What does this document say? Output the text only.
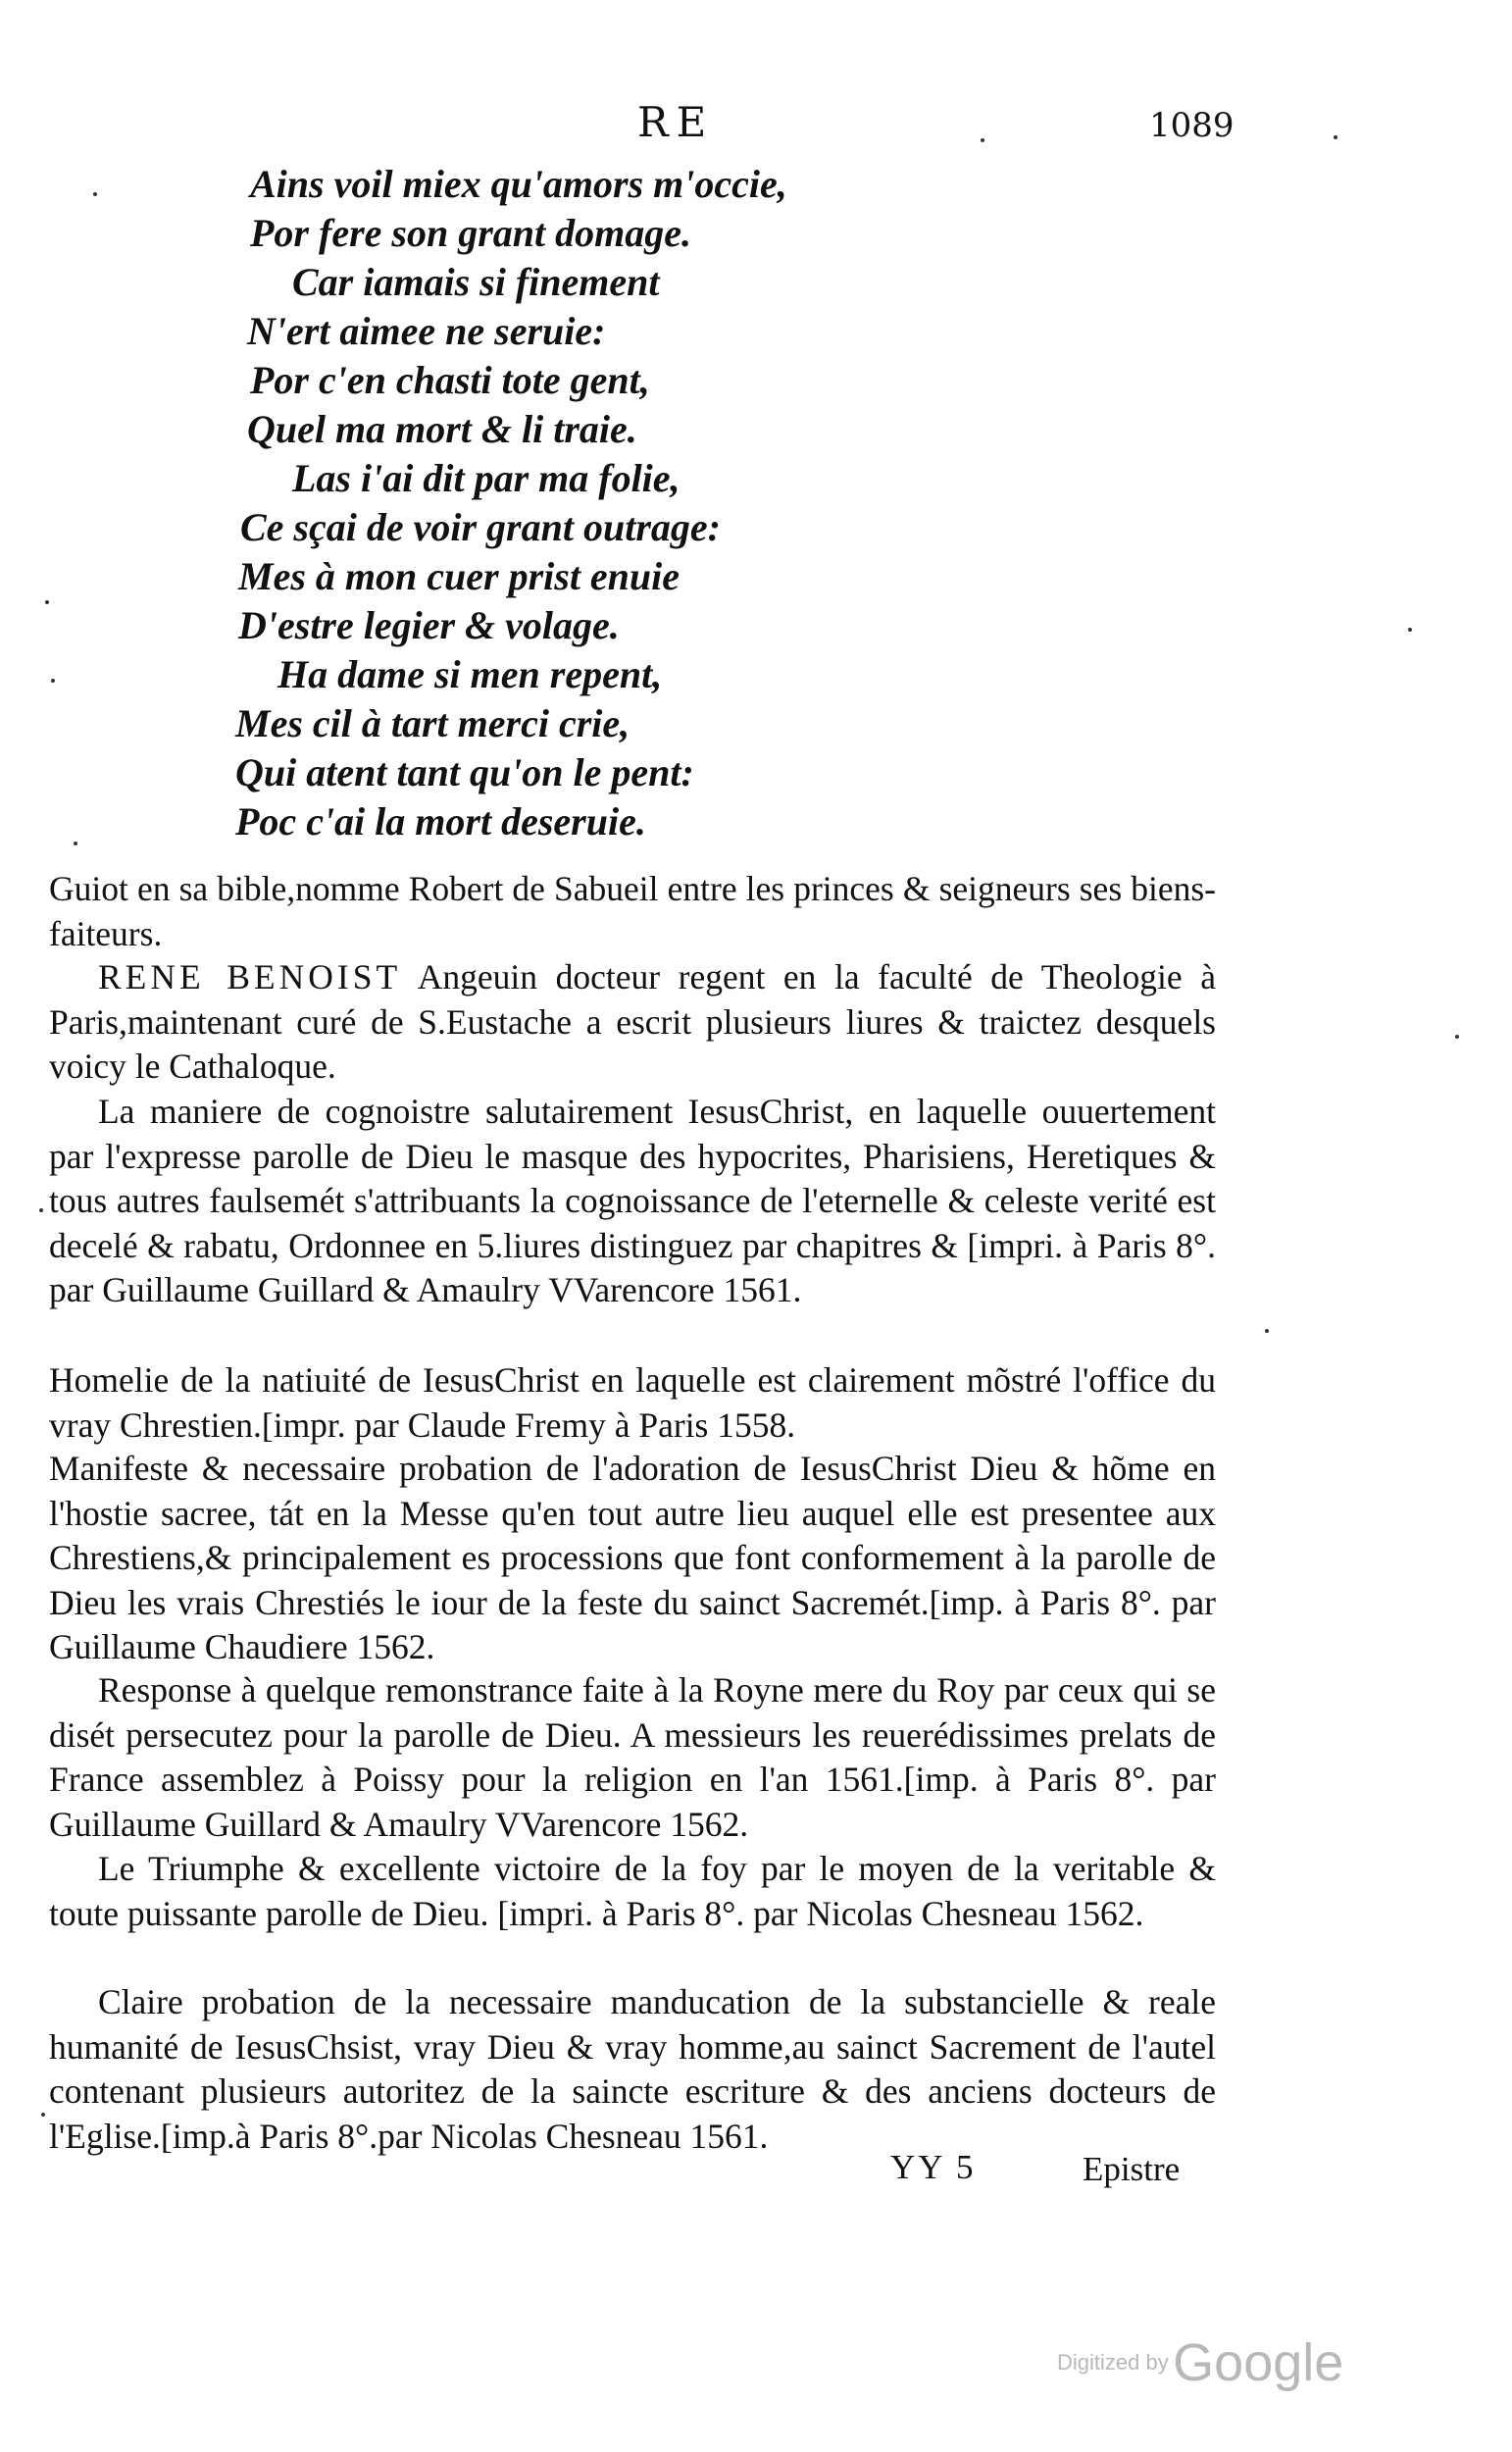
RE	1089
Ains voil miex qu'amors m'occie,
Por fere son grant domage.
Car iamais si finement
N'ert aimee ne seruie:
Por c'en chasti tote gent,
Quel ma mort & li traie.
Las i'ai dit par ma folie,
Ce sçai de voir grant outrage:
Mes à mon cuer prist enuie
D'estre legier & volage.
Ha dame si men repent,
Mes cil à tart merci crie,
Qui atent tant qu'on le pent:
Poc c'ai la mort deseruie.
Guiot en sa bible,nomme Robert de Sabueil entre les princes & seigneurs ses biens-faiteurs.
RENE BENOIST Angeuin docteur regent en la faculté de Theologie à Paris,maintenant curé de S.Eustache a escrit plusieurs liures & traictez desquels voicy le Cathaloque.
La maniere de cognoistre salutairement IesusChrist, en laquelle ouuertement par l'expresse parolle de Dieu le masque des hypocrites, Pharisiens, Heretiques & tous autres faulsemét s'attribuants la cognoissance de l'eternelle & celeste verité est decelé & rabatu, Ordonnee en 5.liures distinguez par chapitres & [impri. à Paris 8°. par Guillaume Guillard & Amaulry VVarencore 1561.
Homelie de la natiuité de IesusChrist en laquelle est clairement mõstré l'office du vray Chrestien.[impr. par Claude Fremy à Paris 1558.
Manifeste & necessaire probation de l'adoration de IesusChrist Dieu & hõme en l'hostie sacree, tát en la Messe qu'en tout autre lieu auquel elle est presentee aux Chrestiens,& principalement es processions que font conformement à la parolle de Dieu les vrais Chrestiés le iour de la feste du sainct Sacremét.[imp. à Paris 8°. par Guillaume Chaudiere 1562.
Responsе à quelque remonstrance faite à la Royne mere du Roy par ceux qui se disét persecutez pour la parolle de Dieu. A messieurs les reuerédissimes prelats de France assemblez à Poissy pour la religion en l'an 1561.[imp. à Paris 8°. par Guillaume Guillard & Amaulry VVarencore 1562.
Le Triumphe & excellente victoire de la foy par le moyen de la veritable & toute puissante parolle de Dieu. [impri. à Paris 8°. par Nicolas Chesneau 1562.
Claire probation de la necessaire manducation de la substancielle & reale humanité de IesusChsist, vray Dieu & vray homme,au sainct Sacrement de l'autel contenant plusieurs autoritez de la saincte escriture & des anciens docteurs de l'Eglise.[imp.à Paris 8°.par Nicolas Chesneau 1561.
YY 5	Epistre
Digitized by Google
